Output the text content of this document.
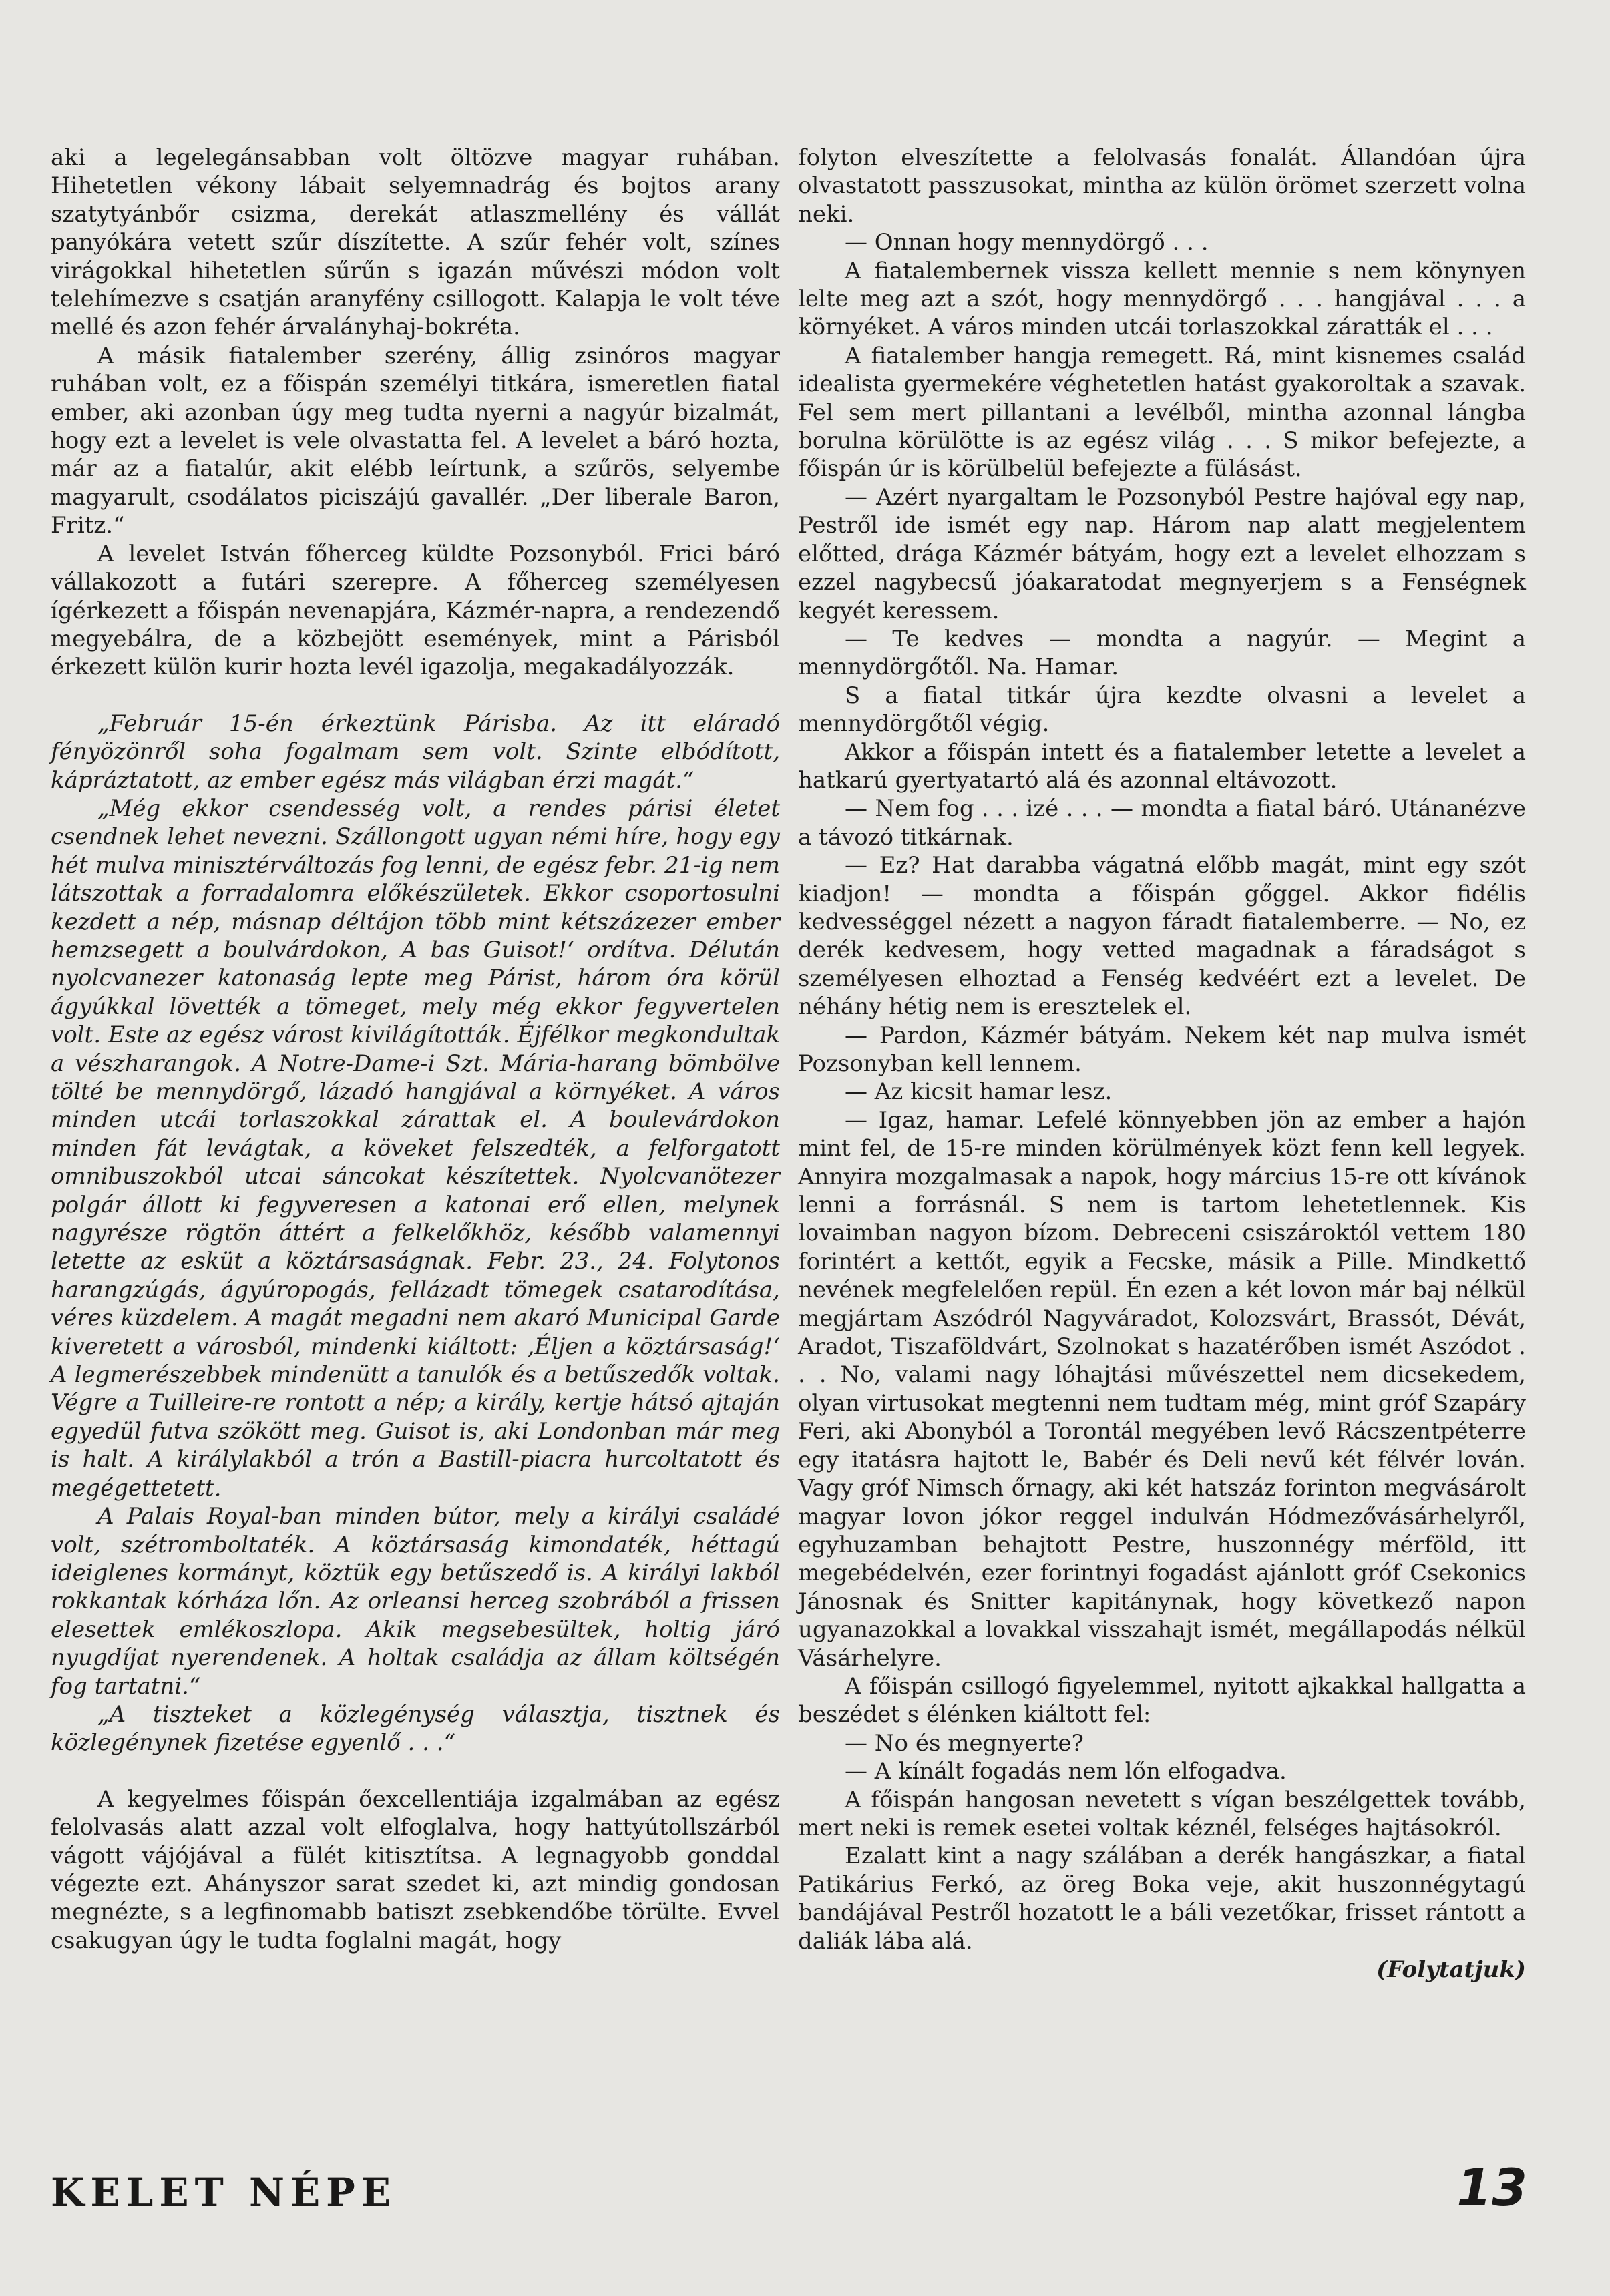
aki a legelegánsabban volt öltözve magyar ruhában. Hihetetlen vékony lábait selyemnadrág és bojtos arany szatytyánbőr csizma, derekát atlaszmellény és vállát panyókára vetett szűr díszítette. A szűr fehér volt, színes virágokkal hihetetlen sűrűn s igazán művészi módon volt telehímezve s csatján aranyfény csillogott. Kalapja le volt téve mellé és azon fehér árvalányhaj-bokréta.

A másik fiatalember szerény, állig zsinóros magyar ruhában volt, ez a főispán személyi titkára, ismeretlen fiatal ember, aki azonban úgy meg tudta nyerni a nagyúr bizalmát, hogy ezt a levelet is vele olvastatta fel. A levelet a báró hozta, már az a fiatalúr, akit elébb leírtunk, a szűrös, selyembe magyarult, csodálatos piciszájú gavallér. „Der liberale Baron, Fritz.“

A levelet István főherceg küldte Pozsonyból. Frici báró vállakozott a futári szerepre. A főherceg személyesen ígérkezett a főispán nevenapjára, Kázmér-napra, a rendezendő megyebálra, de a közbejött események, mint a Párisból érkezett külön kurir hozta levél igazolja, megakadályozzák.

„Február 15-én érkeztünk Párisba. Az itt eláradó fényözönről soha fogalmam sem volt. Szinte elbódított, kápráztatott, az ember egész más világban érzi magát.“

„Még ekkor csendesség volt, a rendes párisi életet csendnek lehet nevezni. Szállongott ugyan némi híre, hogy egy hét mulva minisztérváltozás fog lenni, de egész febr. 21-ig nem látszottak a forradalomra előkészületek. Ekkor csoportosulni kezdett a nép, másnap déltájon több mint kétszázezer ember hemzsegett a boulvárdokon, A bas Guisot!‘ ordítva. Délután nyolcvanezer katonaság lepte meg Párist, három óra körül ágyúkkal lövették a tömeget, mely még ekkor fegyvertelen volt. Este az egész várost kivilágították. Éjfélkor megkondultak a vészharangok. A Notre-Dame-i Szt. Mária-harang bömbölve tölté be mennydörgő, lázadó hangjával a környéket. A város minden utcái torlaszokkal zárattak el. A boulevárdokon minden fát levágtak, a köveket felszedték, a felforgatott omnibuszokból utcai sáncokat készítettek. Nyolcvanötezer polgár állott ki fegyveresen a katonai erő ellen, melynek nagyrésze rögtön áttért a felkelőkhöz, később valamennyi letette az esküt a köztársaságnak. Febr. 23., 24. Folytonos harangzúgás, ágyúropogás, fellázadt tömegek csatarodítása, véres küzdelem. A magát megadni nem akaró Municipal Garde kiveretett a városból, mindenki kiáltott: ‚Éljen a köztársaság!‘ A legmerészebbek mindenütt a tanulók és a betűszedők voltak. Végre a Tuilleire-re rontott a nép; a király, kertje hátsó ajtaján egyedül futva szökött meg. Guisot is, aki Londonban már meg is halt. A királylakból a trón a Bastill-piacra hurcoltatott és megégettetett.

A Palais Royal-ban minden bútor, mely a királyi családé volt, szétromboltaték. A köztársaság kimondaték, héttagú ideiglenes kormányt, köztük egy betűszedő is. A királyi lakból rokkantak kórháza lőn. Az orleansi herceg szobrából a frissen elesettek emlékoszlopa. Akik megsebesültek, holtig járó nyugdíjat nyerendenek. A holtak családja az állam költségén fog tartatni.“

„A tiszteket a közlegénység választja, tisztnek és közlegénynek fizetése egyenlő . . .“

A kegyelmes főispán őexcellentiája izgalmában az egész felolvasás alatt azzal volt elfoglalva, hogy hattyútollszárból vágott vájójával a fülét kitisztítsa. A legnagyobb gonddal végezte ezt. Ahányszor sarat szedet ki, azt mindig gondosan megnézte, s a legfinomabb batiszt zsebkendőbe törülte. Evvel csakugyan úgy le tudta foglalni magát, hogy

folyton elveszítette a felolvasás fonalát. Állandóan újra olvastatott passzusokat, mintha az külön örömet szerzett volna neki.

— Onnan hogy mennydörgő . . .

A fiatalembernek vissza kellett mennie s nem könynyen lelte meg azt a szót, hogy mennydörgő . . . hangjával . . . a környéket. A város minden utcái torlaszokkal záratták el . . .

A fiatalember hangja remegett. Rá, mint kisnemes család idealista gyermekére véghetetlen hatást gyakoroltak a szavak. Fel sem mert pillantani a levélből, mintha azonnal lángba borulna körülötte is az egész világ . . . S mikor befejezte, a főispán úr is körülbelül befejezte a fülásást.

— Azért nyargaltam le Pozsonyból Pestre hajóval egy nap, Pestről ide ismét egy nap. Három nap alatt megjelentem előtted, drága Kázmér bátyám, hogy ezt a levelet elhozzam s ezzel nagybecsű jóakaratodat megnyerjem s a Fenségnek kegyét keressem.

— Te kedves — mondta a nagyúr. — Megint a mennydörgőtől. Na. Hamar.

S a fiatal titkár újra kezdte olvasni a levelet a mennydörgőtől végig.

Akkor a főispán intett és a fiatalember letette a levelet a hatkarú gyertyatartó alá és azonnal eltávozott.

— Nem fog . . . izé . . . — mondta a fiatal báró. Utánanézve a távozó titkárnak.

— Ez? Hat darabba vágatná előbb magát, mint egy szót kiadjon! — mondta a főispán gőggel. Akkor fidélis kedvességgel nézett a nagyon fáradt fiatalemberre. — No, ez derék kedvesem, hogy vetted magadnak a fáradságot s személyesen elhoztad a Fenség kedvéért ezt a levelet. De néhány hétig nem is eresztelek el.

— Pardon, Kázmér bátyám. Nekem két nap mulva ismét Pozsonyban kell lennem.

— Az kicsit hamar lesz.

— Igaz, hamar. Lefelé könnyebben jön az ember a hajón mint fel, de 15-re minden körülmények közt fenn kell legyek. Annyira mozgalmasak a napok, hogy március 15-re ott kívánok lenni a forrásnál. S nem is tartom lehetetlennek. Kis lovaimban nagyon bízom. Debreceni csiszároktól vettem 180 forintért a kettőt, egyik a Fecske, másik a Pille. Mindkettő nevének megfelelően repül. Én ezen a két lovon már baj nélkül megjártam Aszódról Nagyváradot, Kolozsvárt, Brassót, Dévát, Aradot, Tiszaföldvárt, Szolnokat s hazatérőben ismét Aszódot . . . No, valami nagy lóhajtási művészettel nem dicsekedem, olyan virtusokat megtenni nem tudtam még, mint gróf Szapáry Feri, aki Abonyból a Torontál megyében levő Rácszentpéterre egy itatásra hajtott le, Babér és Deli nevű két félvér lován. Vagy gróf Nimsch őrnagy, aki két hatszáz forinton megvásárolt magyar lovon jókor reggel indulván Hódmezővásárhelyről, egyhuzamban behajtott Pestre, huszonnégy mérföld, itt megebédelvén, ezer forintnyi fogadást ajánlott gróf Csekonics Jánosnak és Snitter kapitánynak, hogy következő napon ugyanazokkal a lovakkal visszahajt ismét, megállapodás nélkül Vásárhelyre.

A főispán csillogó figyelemmel, nyitott ajkakkal hallgatta a beszédet s élénken kiáltott fel:

— No és megnyerte?

— A kínált fogadás nem lőn elfogadva.

A főispán hangosan nevetett s vígan beszélgettek tovább, mert neki is remek esetei voltak kéznél, felséges hajtásokról.

Ezalatt kint a nagy szálában a derék hangászkar, a fiatal Patikárius Ferkó, az öreg Boka veje, akit huszonnégytagú bandájával Pestről hozatott le a báli vezetőkar, frisset rántott a daliák lába alá.

(Folytatjuk)

KELET NÉPE	13
